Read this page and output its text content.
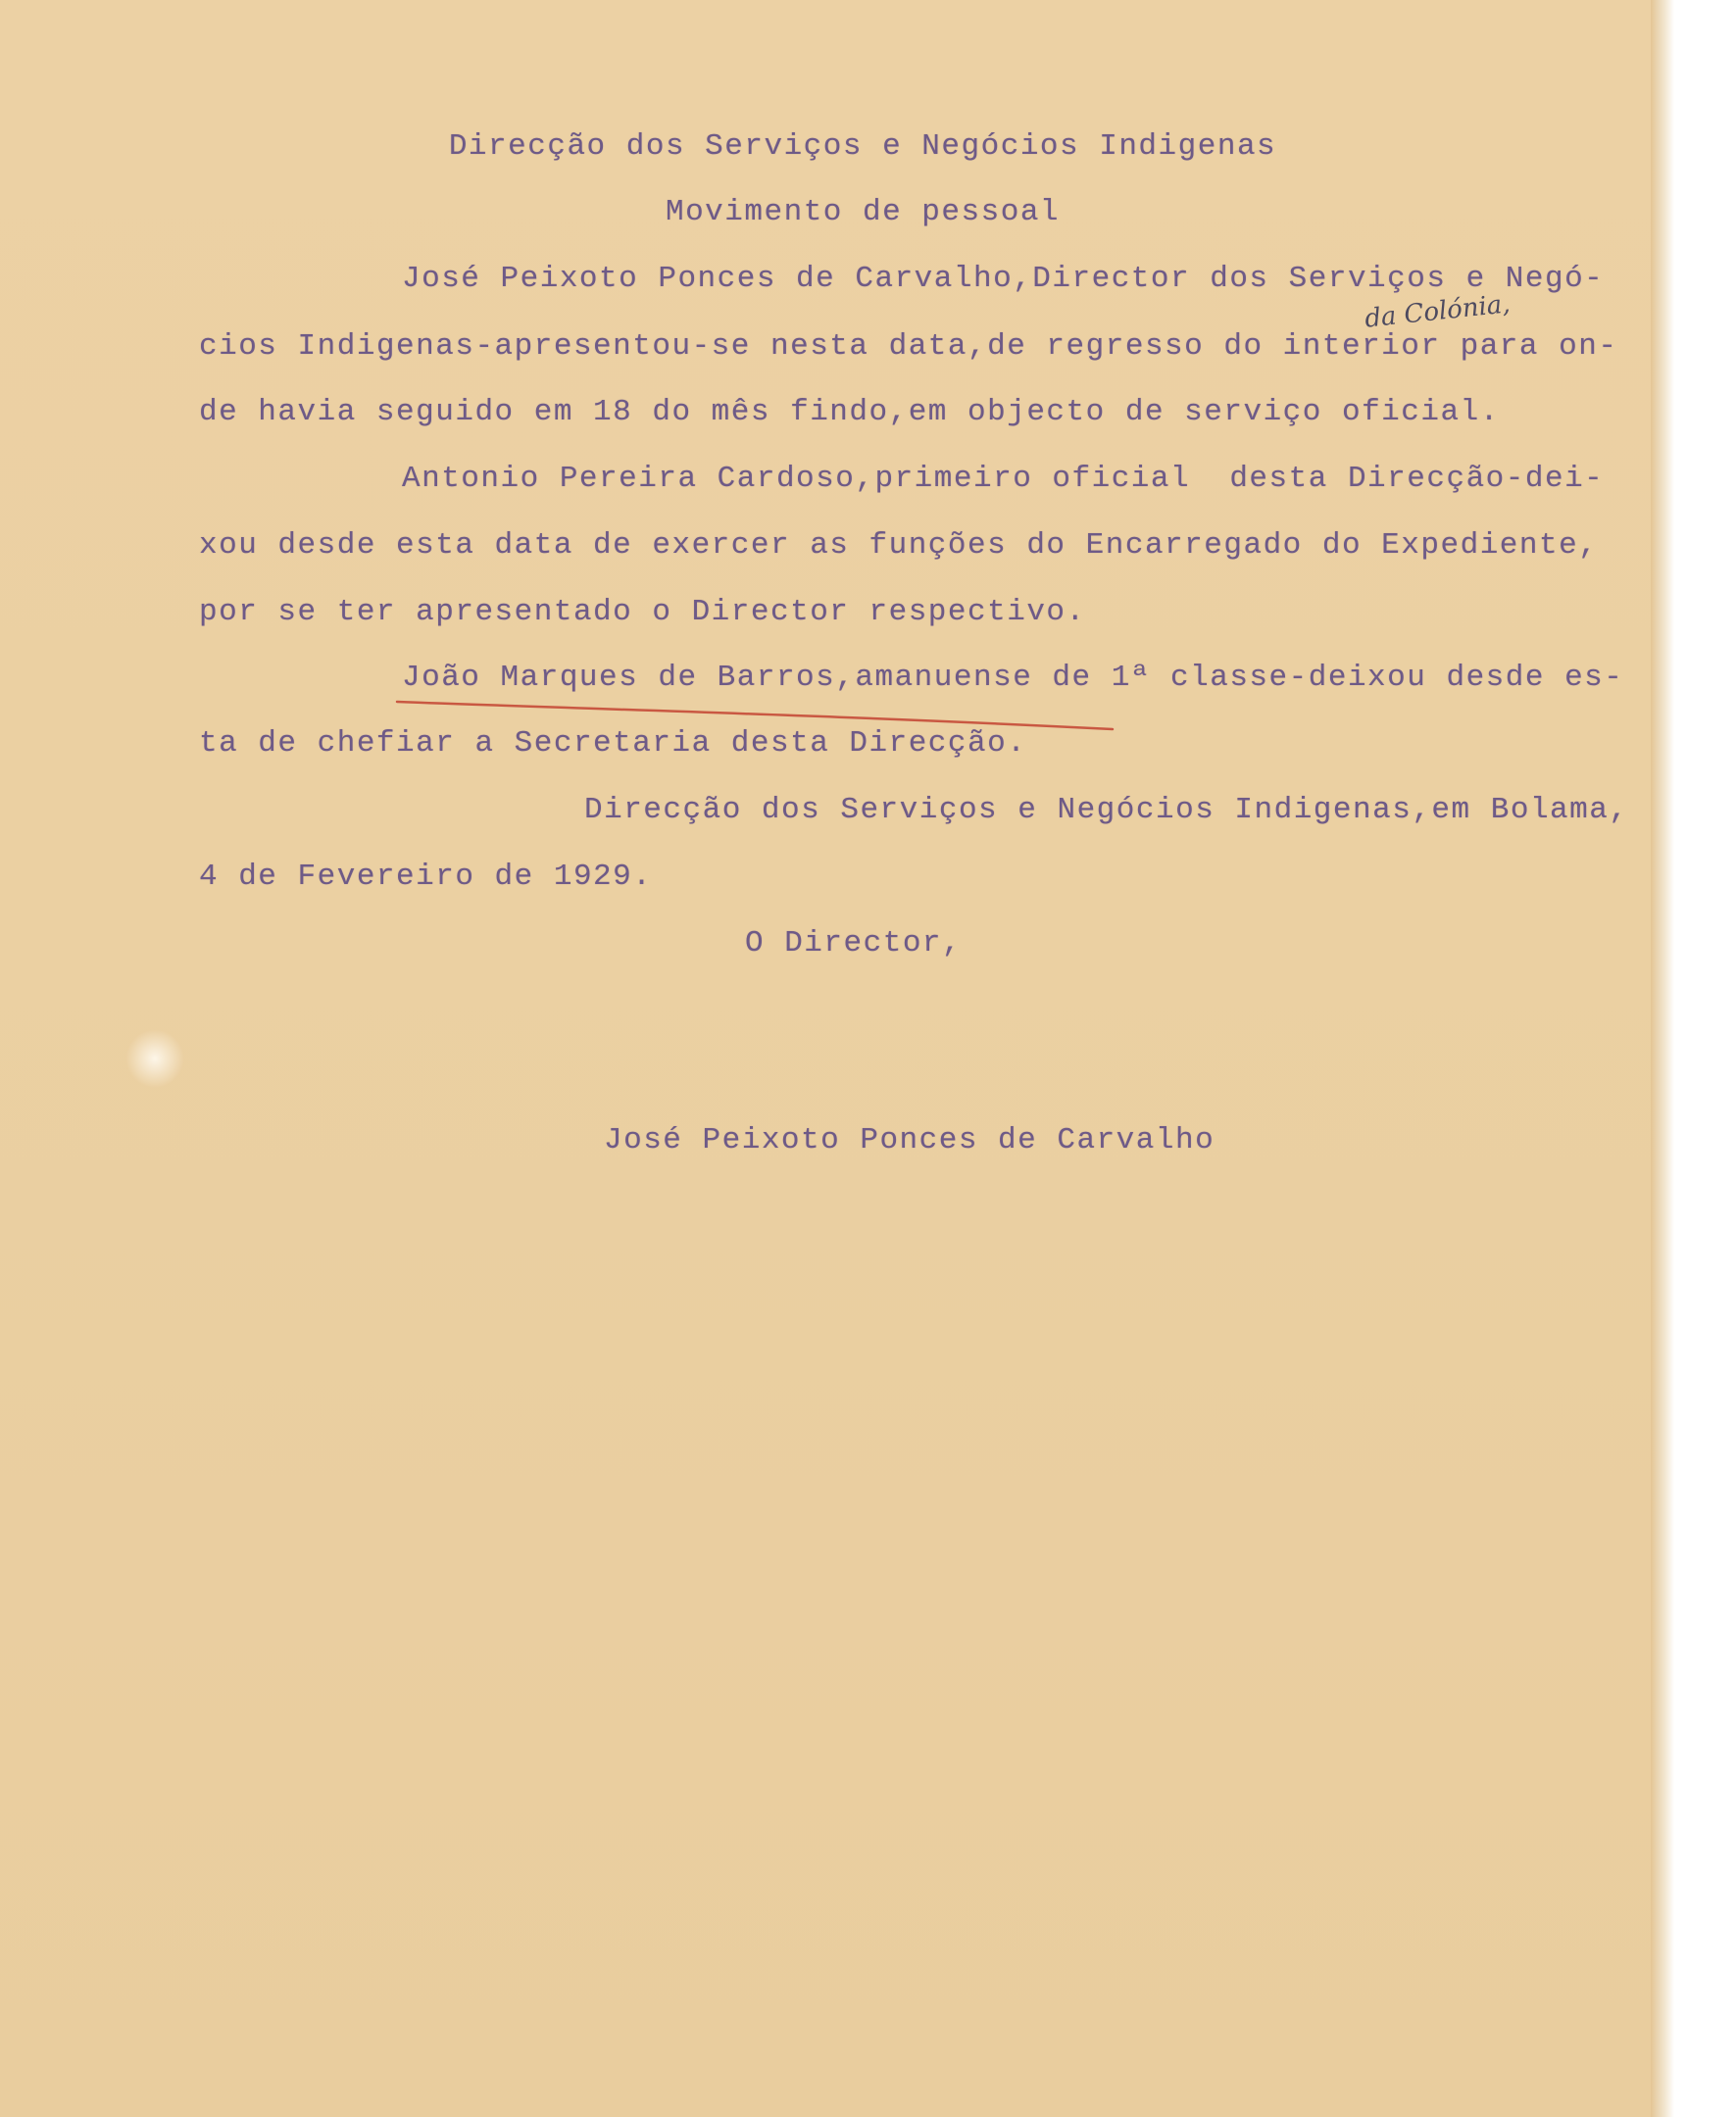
Direcção dos Serviços e Negócios Indigenas
Movimento de pessoal
José Peixoto Ponces de Carvalho,Director dos Serviços e Negó-
da Colónia,
cios Indigenas-apresentou-se nesta data,de regresso do interior para on-
de havia seguido em 18 do mês findo,em objecto de serviço oficial.
Antonio Pereira Cardoso,primeiro oficial  desta Direcção-dei-
xou desde esta data de exercer as funções do Encarregado do Expediente,
por se ter apresentado o Director respectivo.
João Marques de Barros,amanuense de 1ª classe-deixou desde es-
ta de chefiar a Secretaria desta Direcção.
Direcção dos Serviços e Negócios Indigenas,em Bolama,
4 de Fevereiro de 1929.
O Director,
José Peixoto Ponces de Carvalho
